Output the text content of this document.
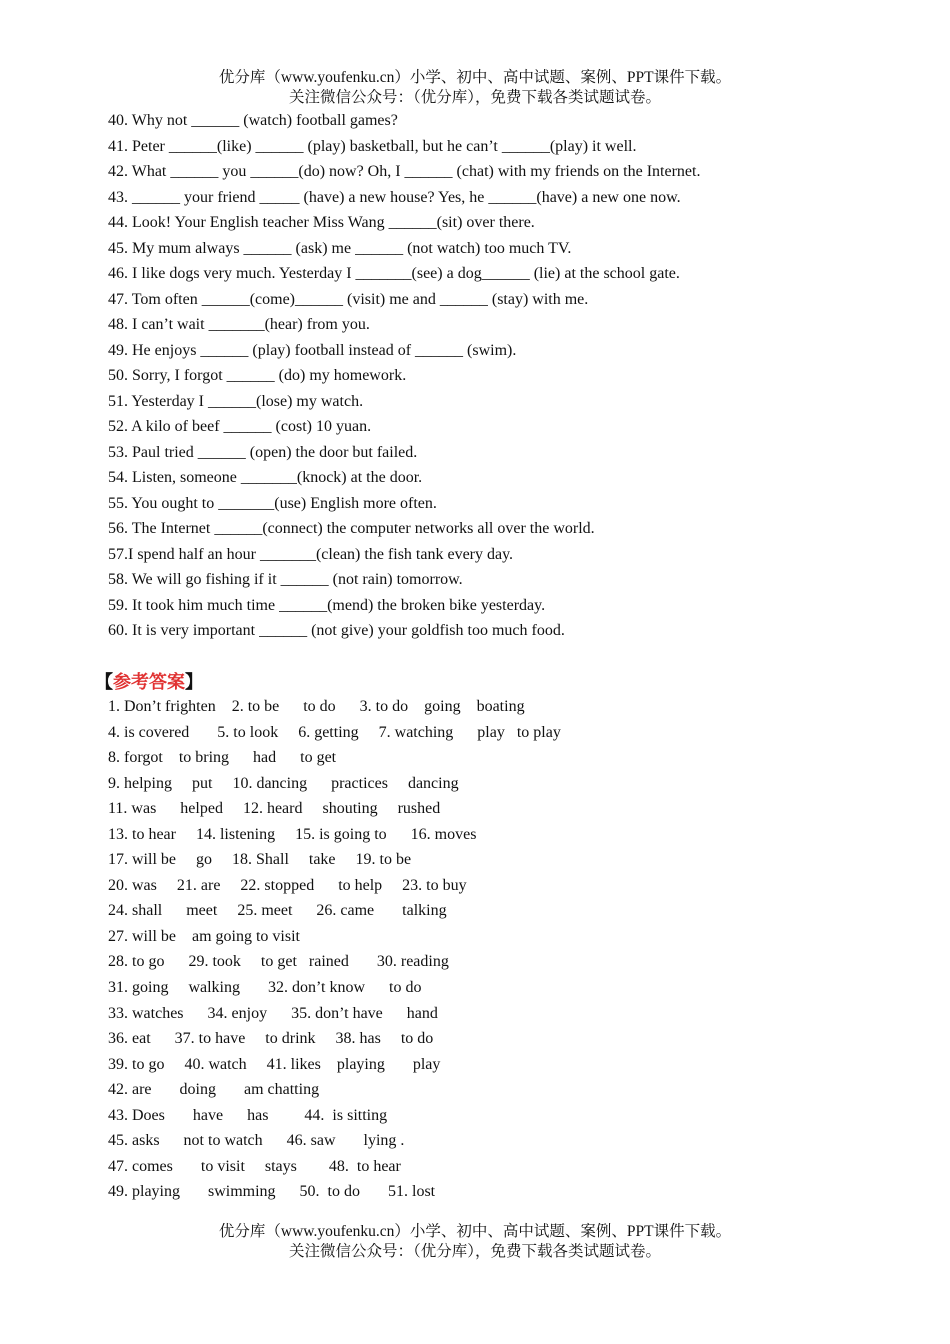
优分库（www.youfenku.cn）小学、初中、高中试题、案例、PPT课件下载。
关注微信公众号：（优分库），免费下载各类试题试卷。
40. Why not ______ (watch) football games?
41. Peter ______(like) ______ (play) basketball, but he can’t ______(play) it well.
42. What ______ you ______(do) now? Oh, I ______ (chat) with my friends on the Internet.
43. ______ your friend _____ (have) a new house? Yes, he ______(have) a new one now.
44. Look! Your English teacher Miss Wang ______(sit) over there.
45. My mum always ______ (ask) me ______ (not watch) too much TV.
46. I like dogs very much. Yesterday I _______(see) a dog______ (lie) at the school gate.
47. Tom often ______(come)______ (visit) me and ______ (stay) with me.
48. I can’t wait _______(hear) from you.
49. He enjoys ______ (play) football instead of ______ (swim).
50. Sorry, I forgot ______ (do) my homework.
51. Yesterday I ______(lose) my watch.
52. A kilo of beef ______ (cost) 10 yuan.
53. Paul tried ______ (open) the door but failed.
54. Listen, someone _______(knock) at the door.
55. You ought to _______(use) English more often.
56. The Internet ______(connect) the computer networks all over the world.
57.I spend half an hour _______(clean) the fish tank every day.
58. We will go fishing if it ______ (not rain) tomorrow.
59. It took him much time ______(mend) the broken bike yesterday.
60. It is very important ______ (not give) your goldfish too much food.
【参考答案】
1. Don’t frighten    2. to be      to do      3. to do    going    boating
4. is covered       5. to look     6. getting     7. watching      play   to play
8. forgot    to bring      had      to get
9. helping     put     10. dancing      practices     dancing
11. was      helped     12. heard     shouting     rushed
13. to hear     14. listening     15. is going to      16. moves
17. will be     go     18. Shall     take     19. to be
20. was     21. are     22. stopped      to help     23. to buy
24. shall      meet     25. meet      26. came       talking
27. will be    am going to visit
28. to go      29. took     to get   rained       30. reading
31. going     walking       32. don’t know      to do
33. watches      34. enjoy      35. don’t have      hand
36. eat      37. to have     to drink     38. has     to do
39. to go     40. watch     41. likes    playing       play
42. are       doing       am chatting
43. Does       have      has         44.  is sitting
45. asks      not to watch      46. saw       lying .
47. comes       to visit     stays        48.  to hear
49. playing       swimming      50.  to do       51. lost
优分库（www.youfenku.cn）小学、初中、高中试题、案例、PPT课件下载。
关注微信公众号：（优分库），免费下载各类试题试卷。
